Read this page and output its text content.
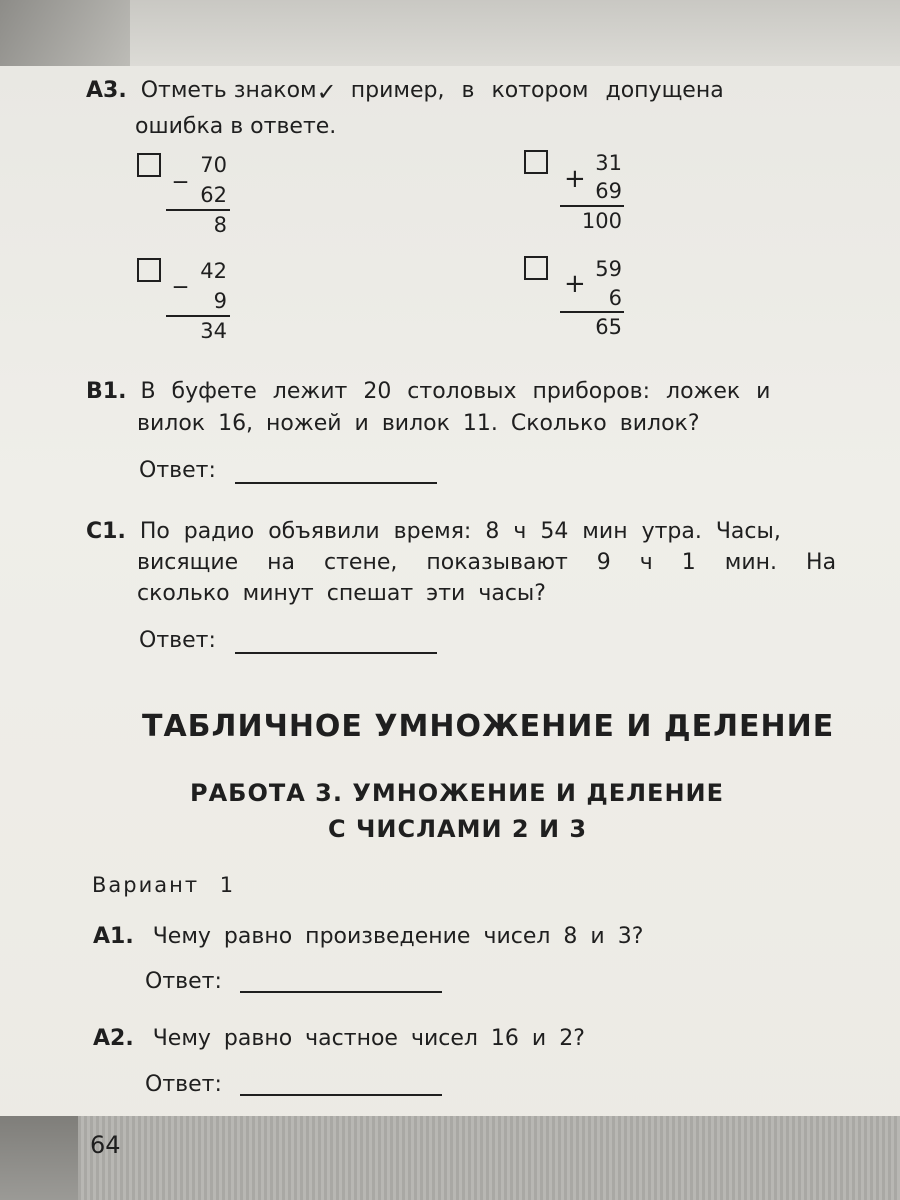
А3. Отметь знаком ✓ пример, в котором допущена
ошибка в ответе.
_ 70
62
8
+
31
69
100
_ 42
9
34
+ 59
6
65
В1. В буфете лежит 20 столовых приборов: ложек и
вилок 16, ножей и вилок 11. Сколько вилок?
Ответ:
С1. По радио объявили время: 8 ч 54 мин утра. Часы,
висящие на стене, показывают 9 ч 1 мин. На
сколько минут спешат эти часы?
Ответ:
ТАБЛИЧНОЕ УМНОЖЕНИЕ И ДЕЛЕНИЕ
РАБОТА 3. УМНОЖЕНИЕ И ДЕЛЕНИЕ
С ЧИСЛАМИ 2 И 3
Вариант 1
А1. Чему равно произведение чисел 8 и 3?
Ответ:
А2. Чему равно частное чисел 16 и 2?
Ответ:
64
